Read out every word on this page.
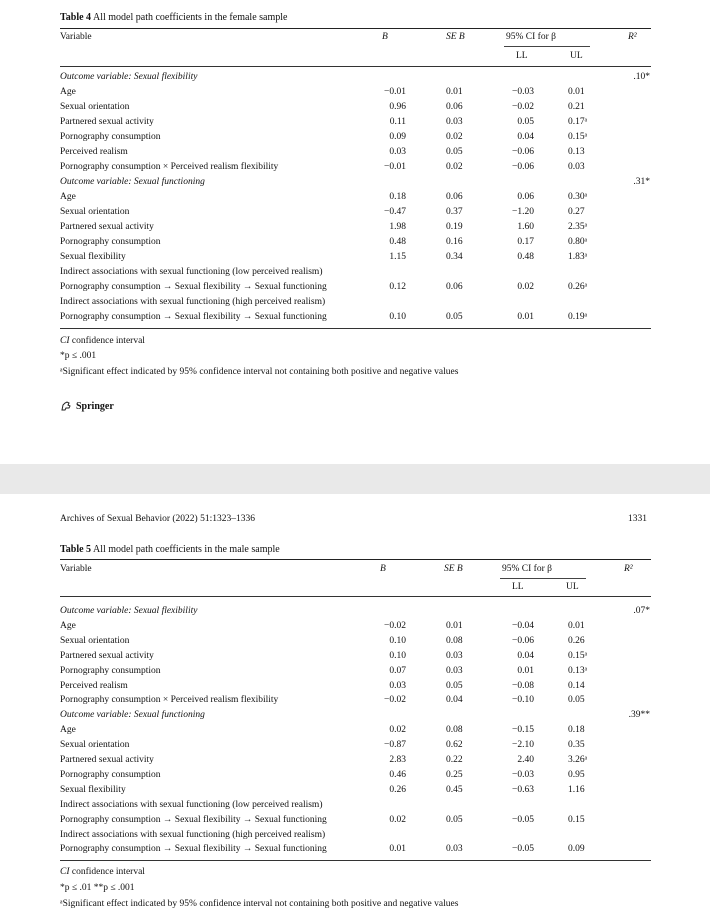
Table 4 All model path coefficients in the female sample
Variable	B	SE B	95% CI for β
LL	UL
R²
Outcome variable: Sexual flexibility	.10*
Age	−0.01	0.01	−0.03	0.01
Sexual orientation	0.96	0.06	−0.02	0.21
Partnered sexual activity	0.11	0.03	0.05	0.17ᵃ
Pornography consumption	0.09	0.02	0.04	0.15ᵃ
Perceived realism	0.03	0.05	−0.06	0.13
Pornography consumption × Perceived realism flexibility	−0.01	0.02	−0.06	0.03
Outcome variable: Sexual functioning	.31*
Age	0.18	0.06	0.06	0.30ᵃ
Sexual orientation	−0.47	0.37	−1.20	0.27
Partnered sexual activity	1.98	0.19	1.60	2.35ᵃ
Pornography consumption	0.48	0.16	0.17	0.80ᵃ
Sexual flexibility	1.15	0.34	0.48	1.83ᵃ
Indirect associations with sexual functioning (low perceived realism)
Pornography consumption → Sexual flexibility → Sexual functioning	0.12	0.06	0.02	0.26ᵃ
Indirect associations with sexual functioning (high perceived realism)
Pornography consumption → Sexual flexibility → Sexual functioning	0.10	0.05	0.01	0.19ᵃ
CI confidence interval
*p ≤ .001
ᵃSignificant effect indicated by 95% confidence interval not containing both positive and negative values
Springer
Archives of Sexual Behavior (2022) 51:1323–1336	1331
Table 5 All model path coefficients in the male sample
Variable	B	SE B	95% CI for β
LL	UL
R²
Outcome variable: Sexual flexibility	.07*
Age	−0.02	0.01	−0.04	0.01
Sexual orientation	0.10	0.08	−0.06	0.26
Partnered sexual activity	0.10	0.03	0.04	0.15ᵃ
Pornography consumption	0.07	0.03	0.01	0.13ᵃ
Perceived realism	0.03	0.05	−0.08	0.14
Pornography consumption × Perceived realism flexibility	−0.02	0.04	−0.10	0.05
Outcome variable: Sexual functioning	.39**
Age	0.02	0.08	−0.15	0.18
Sexual orientation	−0.87	0.62	−2.10	0.35
Partnered sexual activity	2.83	0.22	2.40	3.26ᵃ
Pornography consumption	0.46	0.25	−0.03	0.95
Sexual flexibility	0.26	0.45	−0.63	1.16
Indirect associations with sexual functioning (low perceived realism)
Pornography consumption → Sexual flexibility → Sexual functioning	0.02	0.05	−0.05	0.15
Indirect associations with sexual functioning (high perceived realism)
Pornography consumption → Sexual flexibility → Sexual functioning	0.01	0.03	−0.05	0.09
CI confidence interval
*p ≤ .01 **p ≤ .001
ᵃSignificant effect indicated by 95% confidence interval not containing both positive and negative values
